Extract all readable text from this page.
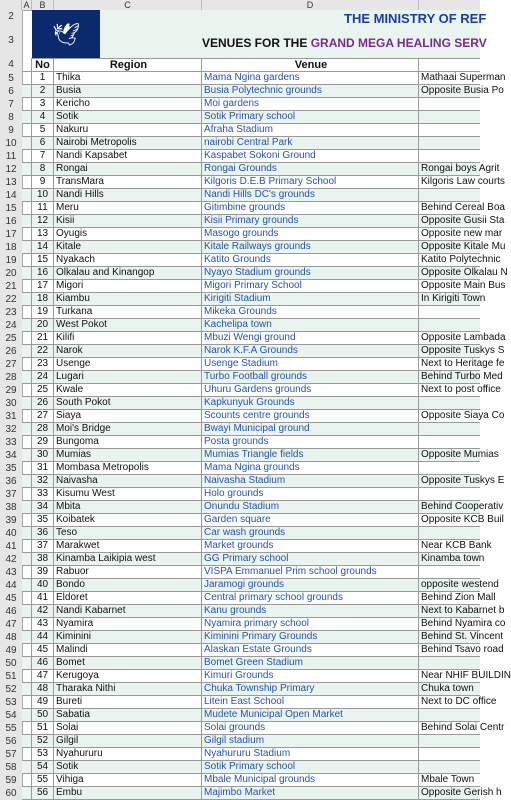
A	B	C	D
2
3	🕊
THE MINISTRY OF REF
VENUES FOR THE GRAND MEGA HEALING SERV
4	No	Region	Venue
5	1	Thika	Mama Ngina gardens	Mathaai Superman
6	2	Busia	Busia Polytechnic grounds	Opposite Busia Po
7	3	Kericho	Moi gardens
8	4	Sotik	Sotik Primary school
9	5	Nakuru	Afraha Stadium
10	6	Nairobi Metropolis	nairobi Central Park
11	7	Nandi Kapsabet	Kaspabet Sokoni Ground
12	8	Rongai	Rongai Grounds	Rongai boys Agrit
13	9	TransMara	Kilgoris D.E.B Primary School	Kilgoris Law courts
14	10 Nandi Hills	Nandi Hills DC's grounds
15	11 Meru	Gitimbine grounds	Behind Cereal Boa
16	12 Kisii	Kisii Primary grounds	Opposite Gusii Sta
17	13 Oyugis	Masogo grounds	Opposite new mar
18	14 Kitale	Kitale Railways grounds	Opposite Kitale Mu
19	15 Nyakach	Katito Grounds	Katito Polytechnic
20	16 Olkalau and Kinangop	Nyayo Stadium grounds	Opposite Olkalau N
21	17 Migori	Migori Primary School	Opposite Main Bus
22	18 Kiambu	Kirigiti Stadium	In Kirigiti Town
23	19 Turkana	Mikeka Grounds
24	20 West Pokot	Kachelipa town
25	21 Kilifi	Mbuzi Wengi ground	Opposite Lambada
26	22 Narok	Narok K.F.A Grounds	Opposite Tuskys S
27	23 Usenge	Usenge Stadium	Next to Heritage fe
28	24 Lugari	Turbo Football grounds	Behind Turbo Med
29	25 Kwale	Uhuru Gardens grounds	Next to post office
30	26 South Pokot	Kapkunyuk Grounds
31	27 Siaya	Scounts centre grounds	Opposite Siaya Co
32	28 Moi's Bridge	Bwayi Municipal ground
33	29 Bungoma	Posta grounds
34	30 Mumias	Mumias Triangle fields	Opposite Mumias
35	31 Mombasa Metropolis	Mama Ngina grounds
36	32 Naivasha	Naivasha Stadium	Opposite Tuskys E
37	33 Kisumu West	Holo grounds
38	34 Mbita	Onundu Stadium	Behind Cooperativ
39	35 Koibatek	Garden square	Opposite KCB Buil
40	36 Teso	Car wash grounds
41	37 Marakwet	Market grounds	Near KCB Bank
42	38 Kinamba Laikipia west	GG Primary school	Kinamba town
43	39 Rabuor	VISPA Emmanuel Prim school grounds
44	40 Bondo	Jaramogi grounds	opposite westend
45	41 Eldoret	Central primary school grounds	Behind Zion Mall
46	42 Nandi Kabarnet	Kanu grounds	Next to Kabarnet b
47	43 Nyamira	Nyamira primary school	Behind Nyamira co
48	44 Kiminini	Kiminini Primary Grounds	Behind St. Vincent
49	45 Malindi	Alaskan Estate Grounds	Behind Tsavo road
50	46 Bomet	Bomet Green Stadium
51	47 Kerugoya	Kimuri Grounds	Near NHIF BUILDIN
52	48 Tharaka Nithi	Chuka Township Primary	Chuka town
53	49 Bureti	Litein East School	Next to DC office
54	50 Sabatia	Mudete Municipal Open Market
55	51 Solai	Solai grounds	Behind Solai Centr
56	52 Gilgil	Gilgil stadium
57	53 Nyahururu	Nyahururu Stadium
58	54 Sotik	Sotik Primary school
59	55 Vihiga	Mbale Municipal grounds	Mbale Town
60	56 Embu	Majimbo Market	Opposite Gerish h
